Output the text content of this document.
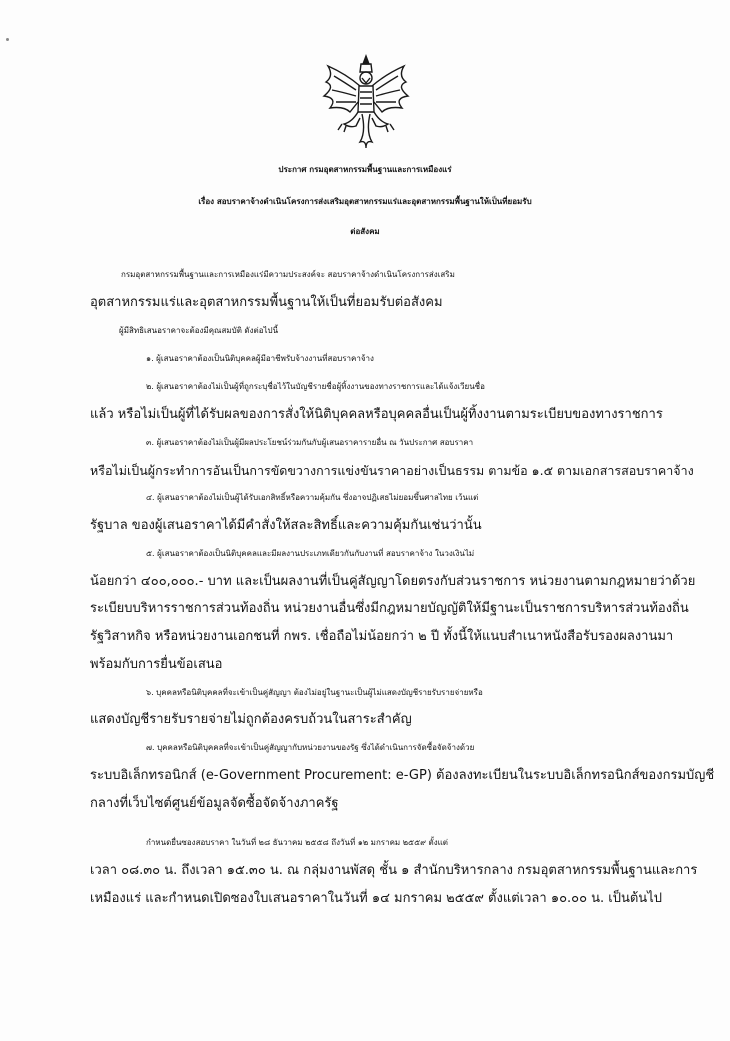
ประกาศ กรมอุตสาหกรรมพื้นฐานและการเหมืองแร่
เรื่อง สอบราคาจ้างดำเนินโครงการส่งเสริมอุตสาหกรรมแร่และอุตสาหกรรมพื้นฐานให้เป็นที่ยอมรับ
ต่อสังคม
กรมอุตสาหกรรมพื้นฐานและการเหมืองแร่มีความประสงค์จะ สอบราคาจ้างดำเนินโครงการส่งเสริม
อุตสาหกรรมแร่และอุตสาหกรรมพื้นฐานให้เป็นที่ยอมรับต่อสังคม
ผู้มีสิทธิเสนอราคาจะต้องมีคุณสมบัติ ดังต่อไปนี้
๑. ผู้เสนอราคาต้องเป็นนิติบุคคลผู้มีอาชีพรับจ้างงานที่สอบราคาจ้าง
๒. ผู้เสนอราคาต้องไม่เป็นผู้ที่ถูกระบุชื่อไว้ในบัญชีรายชื่อผู้ทิ้งงานของทางราชการและได้แจ้งเวียนชื่อ
แล้ว หรือไม่เป็นผู้ที่ได้รับผลของการสั่งให้นิติบุคคลหรือบุคคลอื่นเป็นผู้ทิ้งงานตามระเบียบของทางราชการ
๓. ผู้เสนอราคาต้องไม่เป็นผู้มีผลประโยชน์ร่วมกันกับผู้เสนอราคารายอื่น ณ วันประกาศ สอบราคา
หรือไม่เป็นผู้กระทำการอันเป็นการขัดขวางการแข่งขันราคาอย่างเป็นธรรม ตามข้อ ๑.๕ ตามเอกสารสอบราคาจ้าง
๔. ผู้เสนอราคาต้องไม่เป็นผู้ได้รับเอกสิทธิ์หรือความคุ้มกัน ซึ่งอาจปฏิเสธไม่ยอมขึ้นศาลไทย เว้นแต่
รัฐบาล ของผู้เสนอราคาได้มีคำสั่งให้สละสิทธิ์และความคุ้มกันเช่นว่านั้น
๕. ผู้เสนอราคาต้องเป็นนิติบุคคลและมีผลงานประเภทเดียวกันกับงานที่ สอบราคาจ้าง ในวงเงินไม่
น้อยกว่า ๔๐๐,๐๐๐.- บาท และเป็นผลงานที่เป็นคู่สัญญาโดยตรงกับส่วนราชการ หน่วยงานตามกฎหมายว่าด้วย
ระเบียบบริหารราชการส่วนท้องถิ่น หน่วยงานอื่นซึ่งมีกฎหมายบัญญัติให้มีฐานะเป็นราชการบริหารส่วนท้องถิ่น
รัฐวิสาหกิจ หรือหน่วยงานเอกชนที่ กพร. เชื่อถือไม่น้อยกว่า ๒ ปี ทั้งนี้ให้แนบสำเนาหนังสือรับรองผลงานมา
พร้อมกับการยื่นข้อเสนอ
๖. บุคคลหรือนิติบุคคลที่จะเข้าเป็นคู่สัญญา ต้องไม่อยู่ในฐานะเป็นผู้ไม่แสดงบัญชีรายรับรายจ่ายหรือ
แสดงบัญชีรายรับรายจ่ายไม่ถูกต้องครบถ้วนในสาระสำคัญ
๗. บุคคลหรือนิติบุคคลที่จะเข้าเป็นคู่สัญญากับหน่วยงานของรัฐ ซึ่งได้ดำเนินการจัดซื้อจัดจ้างด้วย
ระบบอิเล็กทรอนิกส์ (e-Government Procurement: e-GP) ต้องลงทะเบียนในระบบอิเล็กทรอนิกส์ของกรมบัญชี
กลางที่เว็บไซต์ศูนย์ข้อมูลจัดซื้อจัดจ้างภาครัฐ
กำหนดยื่นซองสอบราคา ในวันที่ ๒๘ ธันวาคม ๒๕๕๘ ถึงวันที่ ๑๒ มกราคม ๒๕๕๙ ตั้งแต่
เวลา ๐๘.๓๐ น. ถึงเวลา ๑๕.๓๐ น. ณ กลุ่มงานพัสดุ ชั้น ๑ สำนักบริหารกลาง กรมอุตสาหกรรมพื้นฐานและการ
เหมืองแร่ และกำหนดเปิดซองใบเสนอราคาในวันที่ ๑๔ มกราคม ๒๕๕๙ ตั้งแต่เวลา ๑๐.๐๐ น. เป็นต้นไป
